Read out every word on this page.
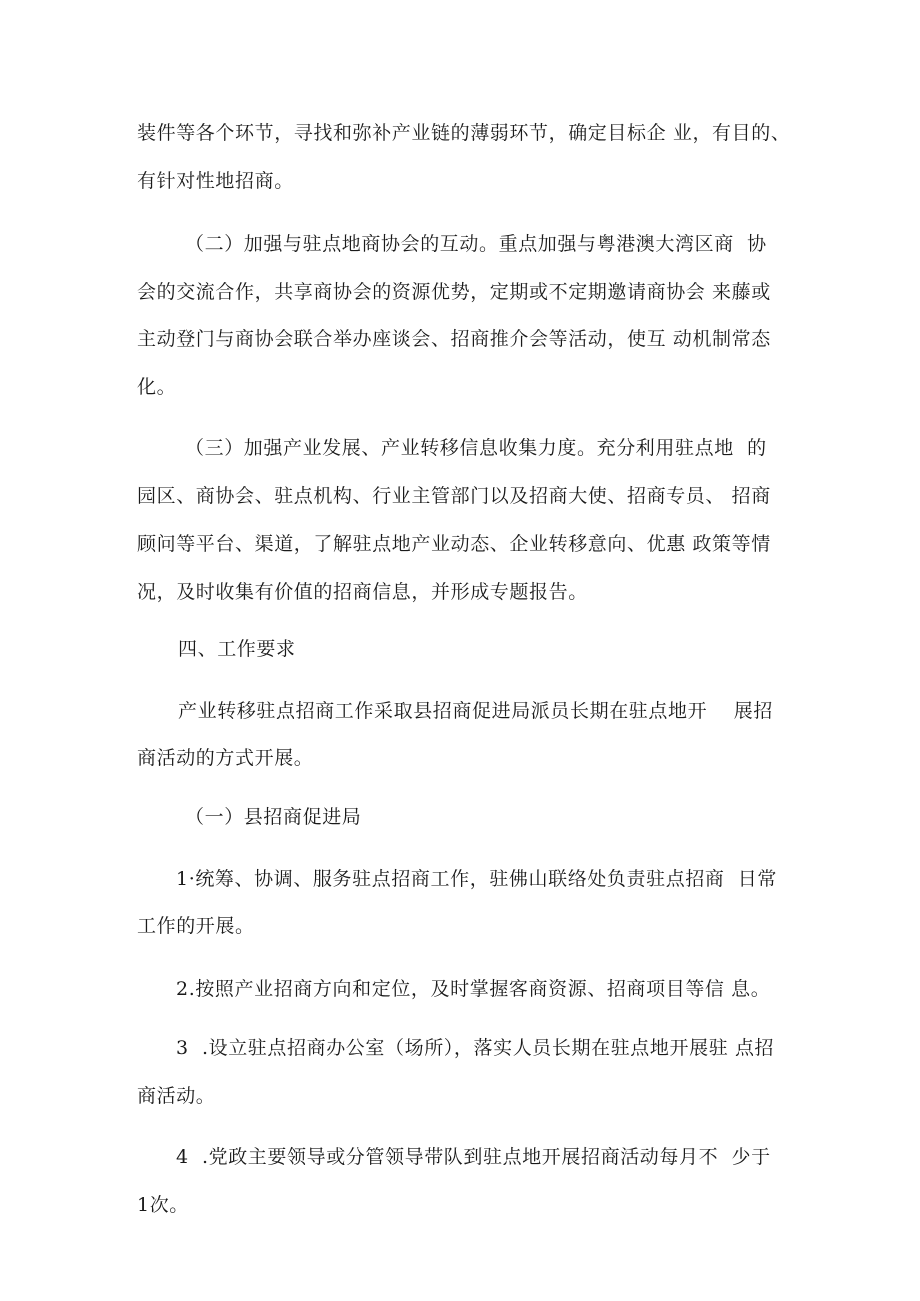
装件等各个环节，寻找和弥补产业链的薄弱环节，确定目标企 业，有目的、
有针对性地招商。
（二）加强与驻点地商协会的互动。重点加强与粤港澳大湾区商  协
会的交流合作，共享商协会的资源优势，定期或不定期邀请商协会 来藤或
主动登门与商协会联合举办座谈会、招商推介会等活动，使互 动机制常态
化。
（三）加强产业发展、产业转移信息收集力度。充分利用驻点地  的
园区、商协会、驻点机构、行业主管部门以及招商大使、招商专员、 招商
顾问等平台、渠道，了解驻点地产业动态、企业转移意向、优惠 政策等情
况，及时收集有价值的招商信息，并形成专题报告。
四、工作要求
产业转移驻点招商工作采取县招商促进局派员长期在驻点地开    展招
商活动的方式开展。
（一）县招商促进局
1·统筹、协调、服务驻点招商工作，驻佛山联络处负责驻点招商  日常
工作的开展。
2.按照产业招商方向和定位，及时掌握客商资源、招商项目等信 息。
3  .设立驻点招商办公室（场所），落实人员长期在驻点地开展驻 点招
商活动。
4  .党政主要领导或分管领导带队到驻点地开展招商活动每月不  少于
1次。
